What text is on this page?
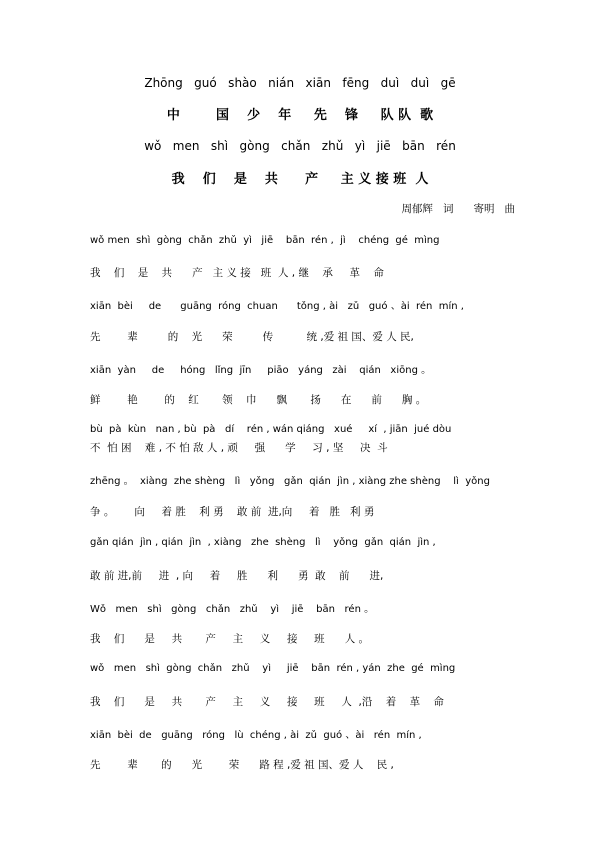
Zhōng   guó   shào   nián   xiān   fēng   duì   duì   gē
中        国    少    年     先    锋     队 队  歌
wǒ   men   shì   gòng   chǎn   zhǔ   yì   jiē   bān   rén
我    们    是    共      产     主 义 接 班  人
周郁辉   词      寄明   曲
wǒ men  shì  gòng  chǎn  zhǔ  yì   jiē    bān  rén ,  jì    chéng  gé  mìng
我    们    是    共      产   主 义 接   班  人 , 继    承     革    命
xiān  bèi     de      guāng  róng  chuan      tǒng , ài   zǔ   guó 、ài  rén  mín ,
先        辈         的    光      荣         传          统 ,爱 祖 国、爱 人 民,
xiān  yàn     de     hóng   lǐng  jīn     piāo   yáng   zài    qián   xiōng 。
鲜        艳        的    红       领    巾      飘       扬      在      前      胸 。
bù  pà  kùn   nan , bù  pà   dí    rén , wán qiáng   xué     xí  , jiān  jué dòu
不  怕 困    难 , 不 怕 敌 人 , 顽     强      学     习 , 坚     决  斗
zhēng 。  xiàng  zhe shèng   lì   yǒng   gǎn  qián  jìn , xiàng zhe shèng    lì  yǒng
争 。      向     着 胜    利 勇    敢 前  进,向     着   胜   利 勇
gǎn qián  jìn , qián  jìn  , xiàng   zhe  shèng   lì    yǒng  gǎn  qián  jìn ,
敢 前 进,前     进  , 向     着     胜      利      勇  敢    前      进,
Wǒ   men   shì   gòng   chǎn   zhǔ    yì    jiē    bān   rén 。
我    们      是     共       产     主     义     接     班      人 。
wǒ   men   shì  gòng  chǎn   zhǔ    yì     jiē    bān  rén , yán  zhe  gé  mìng
我    们      是     共       产     主     义     接     班     人  ,沿    着    革    命
xiān  bèi  de   guāng   róng   lù  chéng , ài  zǔ  guó 、ài   rén  mín ,
先        辈       的      光        荣      路 程 ,爱 祖 国、爱 人    民 ,
